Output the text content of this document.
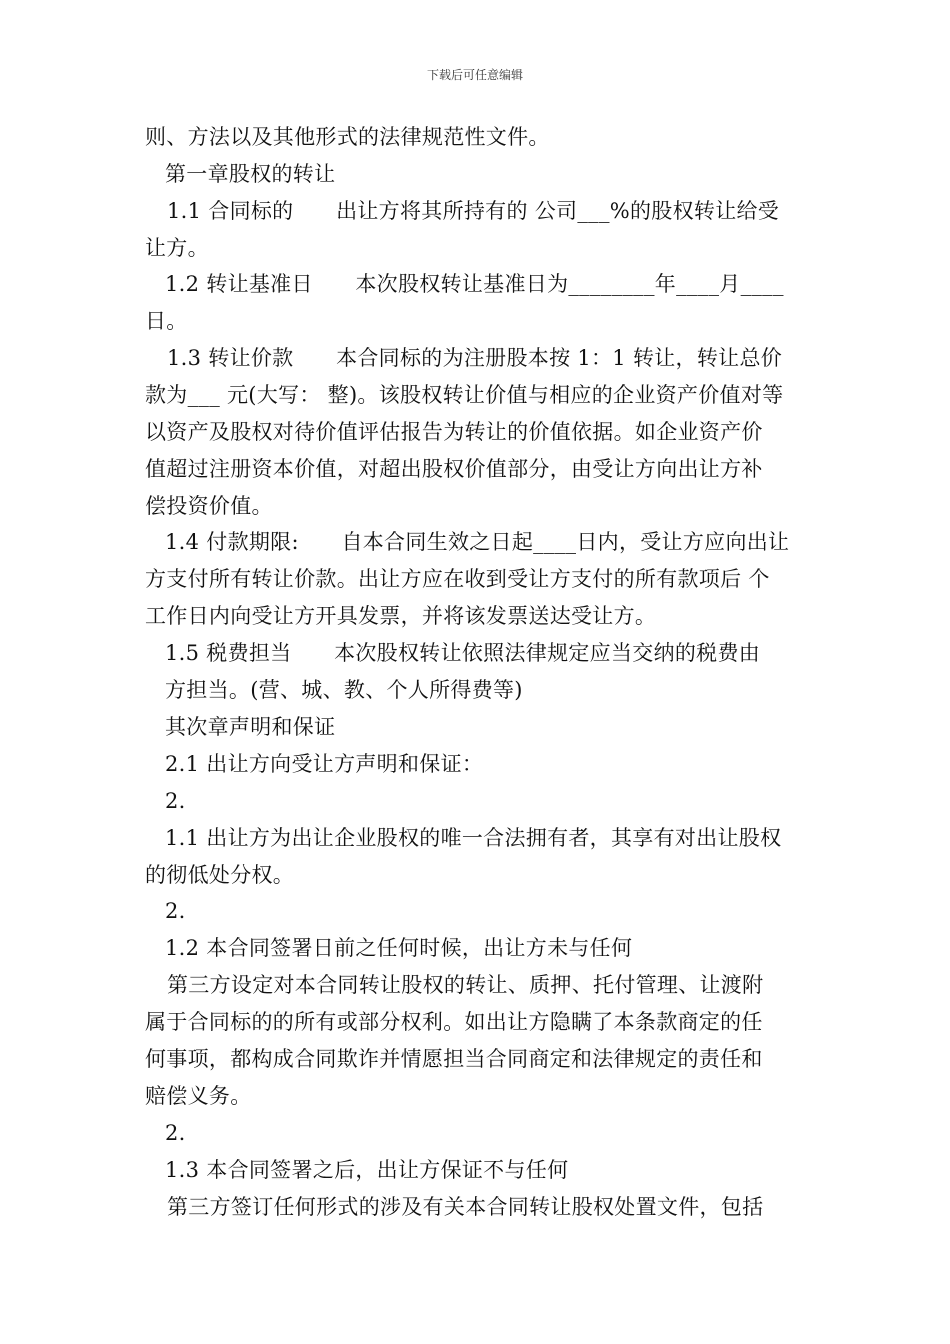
下载后可任意编辑
则、方法以及其他形式的法律规范性文件。
第一章股权的转让
1.1 合同标的　　出让方将其所持有的 公司___%的股权转让给受
让方。
1.2 转让基准日　　本次股权转让基准日为________年____月____
日。
1.3 转让价款　　本合同标的为注册股本按 1：1 转让，转让总价
款为___ 元(大写： 整)。该股权转让价值与相应的企业资产价值对等
以资产及股权对待价值评估报告为转让的价值依据。如企业资产价
值超过注册资本价值，对超出股权价值部分，由受让方向出让方补
偿投资价值。
1.4 付款期限:　　自本合同生效之日起____日内，受让方应向出让
方支付所有转让价款。出让方应在收到受让方支付的所有款项后 个
工作日内向受让方开具发票，并将该发票送达受让方。
1.5 税费担当　　本次股权转让依照法律规定应当交纳的税费由
方担当。(营、城、教、个人所得费等)
其次章声明和保证
2.1 出让方向受让方声明和保证：
2.
1.1 出让方为出让企业股权的唯一合法拥有者，其享有对出让股权
的彻低处分权。
2.
1.2 本合同签署日前之任何时候，出让方未与任何
第三方设定对本合同转让股权的转让、质押、托付管理、让渡附
属于合同标的的所有或部分权利。如出让方隐瞒了本条款商定的任
何事项，都构成合同欺诈并情愿担当合同商定和法律规定的责任和
赔偿义务。
2.
1.3 本合同签署之后，出让方保证不与任何
第三方签订任何形式的涉及有关本合同转让股权处置文件，包括
